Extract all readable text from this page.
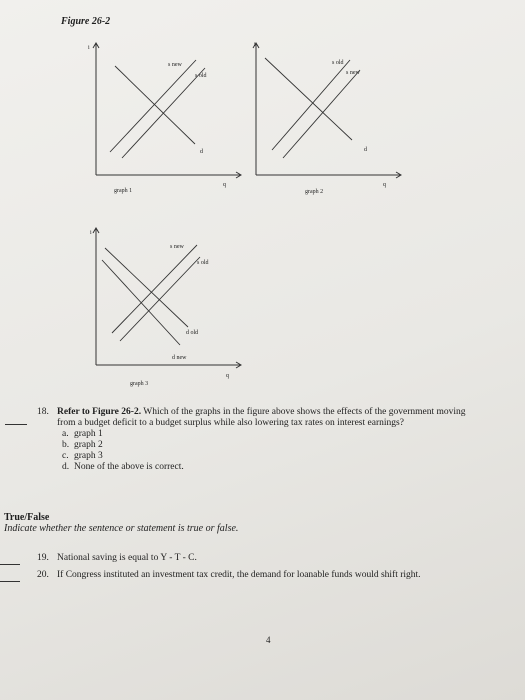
Figure 26-2
i
q
s new
s old
d
graph 1
i
q
s old
s new
d
graph 2
i
q
s new
s old
d old
d new
graph 3
18. Refer to Figure 26-2. Which of the graphs in the figure above shows the effects of the government moving
from a budget deficit to a budget surplus while also lowering tax rates on interest earnings?
a. graph 1
b. graph 2
c. graph 3
d. None of the above is correct.
True/False
Indicate whether the sentence or statement is true or false.
19. National saving is equal to Y - T - C.
20. If Congress instituted an investment tax credit, the demand for loanable funds would shift right.
4
